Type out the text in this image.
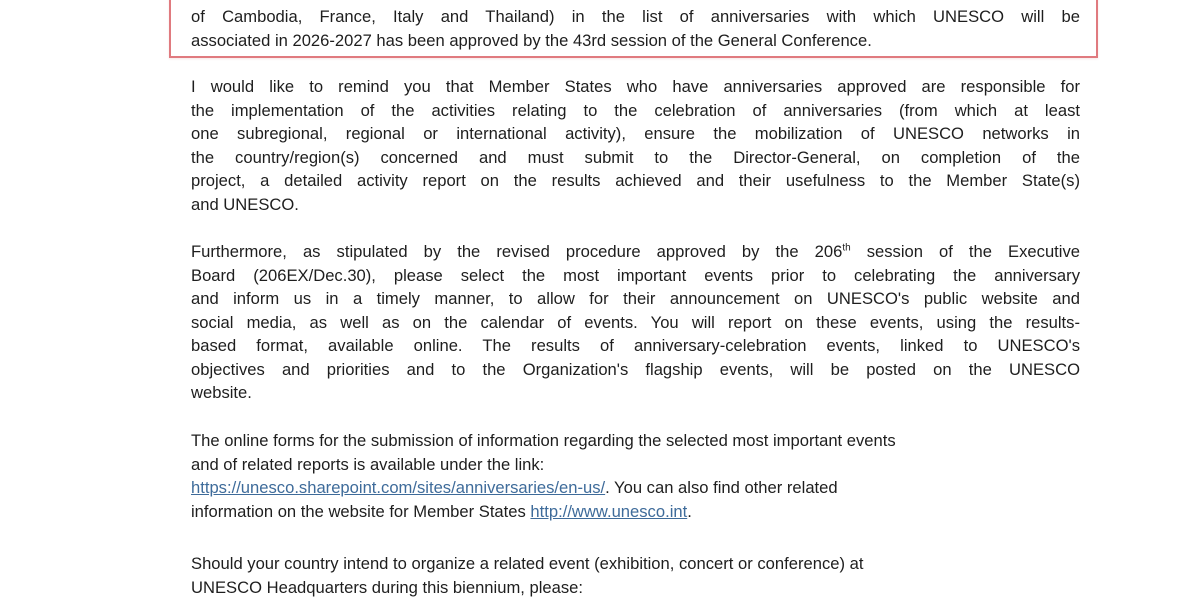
of Cambodia, France, Italy and Thailand) in the list of anniversaries with which UNESCO will be
associated in 2026-2027 has been approved by the 43rd session of the General Conference.
I would like to remind you that Member States who have anniversaries approved are responsible for
the implementation of the activities relating to the celebration of anniversaries (from which at least
one subregional, regional or international activity), ensure the mobilization of UNESCO networks in
the country/region(s) concerned and must submit to the Director-General, on completion of the
project, a detailed activity report on the results achieved and their usefulness to the Member State(s)
and UNESCO.
Furthermore, as stipulated by the revised procedure approved by the 206th session of the Executive
Board (206EX/Dec.30), please select the most important events prior to celebrating the anniversary
and inform us in a timely manner, to allow for their announcement on UNESCO's public website and
social media, as well as on the calendar of events. You will report on these events, using the results-
based format, available online. The results of anniversary-celebration events, linked to UNESCO's
objectives and priorities and to the Organization's flagship events, will be posted on the UNESCO
website.
The online forms for the submission of information regarding the selected most important events
and of related reports is available under the link:
https://unesco.sharepoint.com/sites/anniversaries/en-us/. You can also find other related
information on the website for Member States http://www.unesco.int.
Should your country intend to organize a related event (exhibition, concert or conference) at
UNESCO Headquarters during this biennium, please:
